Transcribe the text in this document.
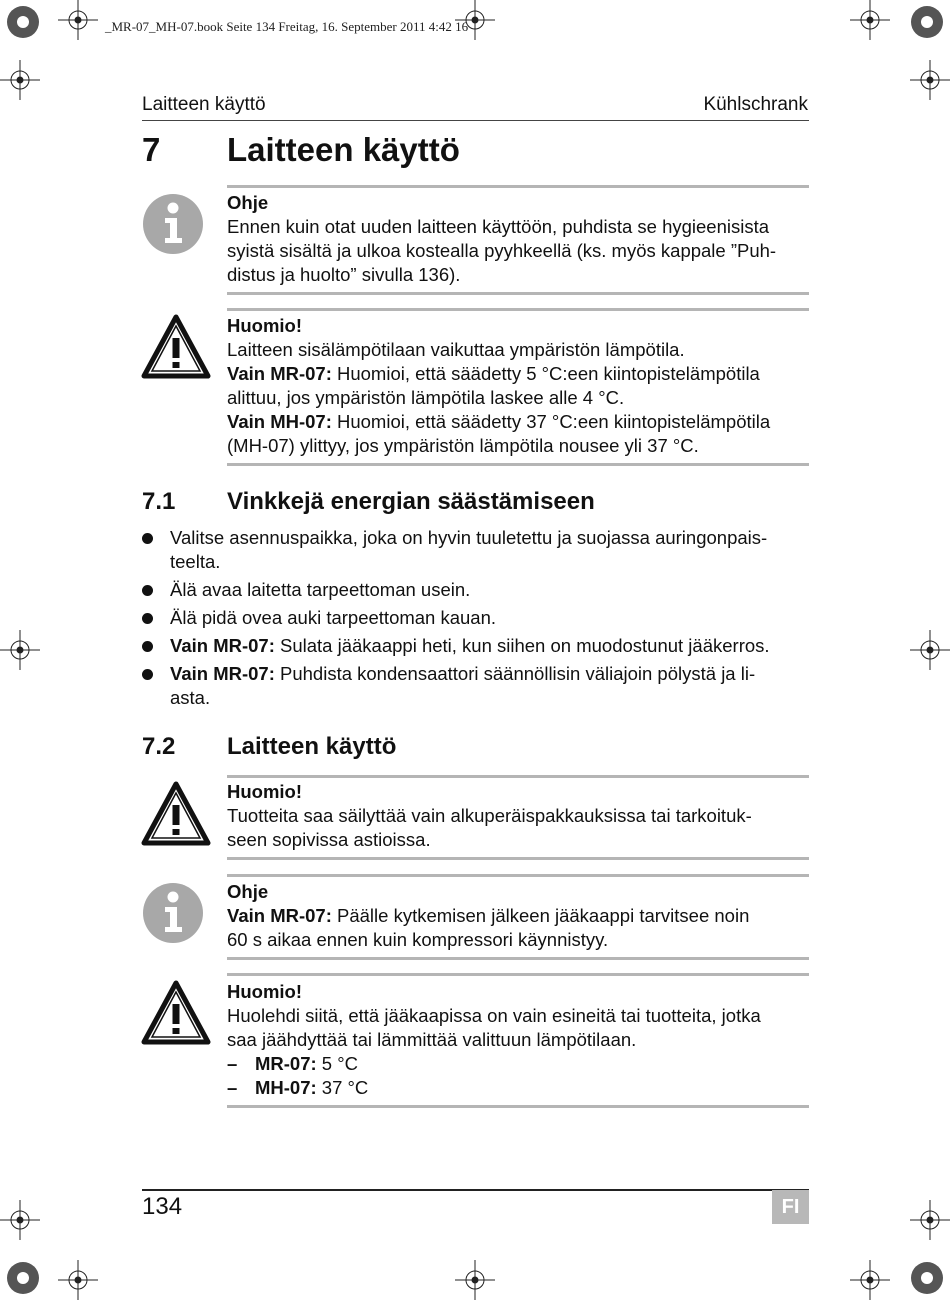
_MR-07_MH-07.book Seite 134 Freitag, 16. September 2011 4:42 16
Laitteen käyttö	Kühlschrank
7 Laitteen käyttö

Ohje

Ennen kuin otat uuden laitteen käyttöön, puhdista se hygieenisista

syistä sisältä ja ulkoa kostealla pyyhkeellä (ks. myös kappale ”Puh-

distus ja huolto” sivulla 136).

Huomio!

Laitteen sisälämpötilaan vaikuttaa ympäristön lämpötila.

Vain MR-07: Huomioi, että säädetty 5 °C:een kiintopistelämpötila

alittuu, jos ympäristön lämpötila laskee alle 4 °C.

Vain MH-07: Huomioi, että säädetty 37 °C:een kiintopistelämpötila

(MH-07) ylittyy, jos ympäristön lämpötila nousee yli 37 °C.

7.1 Vinkkejä energian säästämiseen
Valitse asennuspaikka, joka on hyvin tuuletettu ja suojassa auringonpais-
teelta.
Älä avaa laitetta tarpeettoman usein.
Älä pidä ovea auki tarpeettoman kauan.
Vain MR-07: Sulata jääkaappi heti, kun siihen on muodostunut jääkerros.
Vain MR-07: Puhdista kondensaattori säännöllisin väliajoin pölystä ja li-
asta.
7.2 Laitteen käyttö

Huomio!

Tuotteita saa säilyttää vain alkuperäispakkauksissa tai tarkoituk-

seen sopivissa astioissa.

Ohje

Vain MR-07: Päälle kytkemisen jälkeen jääkaappi tarvitsee noin

60 s aikaa ennen kuin kompressori käynnistyy.

Huomio!

Huolehdi siitä, että jääkaapissa on vain esineitä tai tuotteita, jotka

saa jäähdyttää tai lämmittää valittuun lämpötilaan.

– MR-07: 5 °C
– MH-07: 37 °C
134	FI
